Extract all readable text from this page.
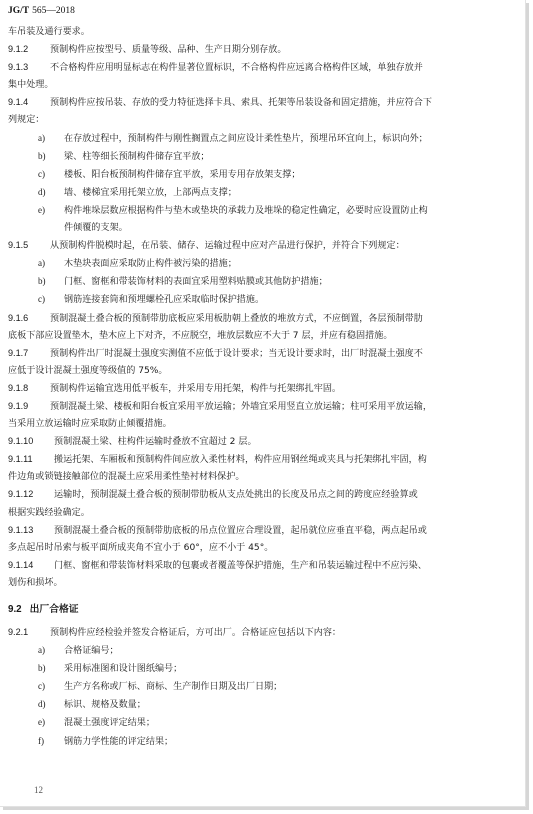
JG/T 565—2018

车吊装及通行要求。

9.1.2 预制构件应按型号、质量等级、品种、生产日期分别存放。

9.1.3 不合格构件应用明显标志在构件显著位置标识，不合格构件应远离合格构件区域，单独存放并

集中处理。

9.1.4 预制构件应按吊装、存放的受力特征选择卡具、索具、托架等吊装设备和固定措施，并应符合下

列规定：

a) 在存放过程中，预制构件与刚性搁置点之间应设计柔性垫片，预埋吊环宜向上，标识向外；

b) 梁、柱等细长预制构件储存宜平放；

c) 楼板、阳台板预制构件储存宜平放，采用专用存放架支撑；

d) 墙、楼梯宜采用托架立放，上部两点支撑；

e) 构件堆垛层数应根据构件与垫木或垫块的承载力及堆垛的稳定性确定，必要时应设置防止构

件倾覆的支架。

9.1.5 从预制构件脱模时起，在吊装、储存、运输过程中应对产品进行保护，并符合下列规定：

a) 木垫块表面应采取防止构件被污染的措施；

b) 门框、窗框和带装饰材料的表面宜采用塑料贴膜或其他防护措施；

c) 钢筋连接套筒和预埋螺栓孔应采取临时保护措施。

9.1.6 预制混凝土叠合板的预制带肋底板应采用板肋朝上叠放的堆放方式，不应倒置，各层预制带肋

底板下部应设置垫木，垫木应上下对齐，不应脱空，堆放层数应不大于 7 层，并应有稳固措施。

9.1.7 预制构件出厂时混凝土强度实测值不应低于设计要求；当无设计要求时，出厂时混凝土强度不

应低于设计混凝土强度等级值的 75%。

9.1.8 预制构件运输宜选用低平板车，并采用专用托架，构件与托架绑扎牢固。

9.1.9 预制混凝土梁、楼板和阳台板宜采用平放运输；外墙宜采用竖直立放运输；柱可采用平放运输，

当采用立放运输时应采取防止倾覆措施。

9.1.10 预制混凝土梁、柱构件运输时叠放不宜超过 2 层。

9.1.11 搬运托架、车厢板和预制构件间应放入柔性材料，构件应用钢丝绳或夹具与托架绑扎牢固，构

件边角或锁链接触部位的混凝土应采用柔性垫衬材料保护。

9.1.12 运输时，预制混凝土叠合板的预制带肋板从支点处挑出的长度及吊点之间的跨度应经验算或

根据实践经验确定。

9.1.13 预制混凝土叠合板的预制带肋底板的吊点位置应合理设置，起吊就位应垂直平稳，两点起吊或

多点起吊时吊索与板平面所成夹角不宜小于 60°，应不小于 45°。

9.1.14 门框、窗框和带装饰材料采取的包裹或者覆盖等保护措施，生产和吊装运输过程中不应污染、

划伤和损坏。

9.2 出厂合格证

9.2.1 预制构件应经检验并签发合格证后，方可出厂。合格证应包括以下内容：

a) 合格证编号；

b) 采用标准图和设计图纸编号；

c) 生产方名称或厂标、商标、生产制作日期及出厂日期；

d) 标识、规格及数量；

e) 混凝土强度评定结果；

f) 钢筋力学性能的评定结果；

12
